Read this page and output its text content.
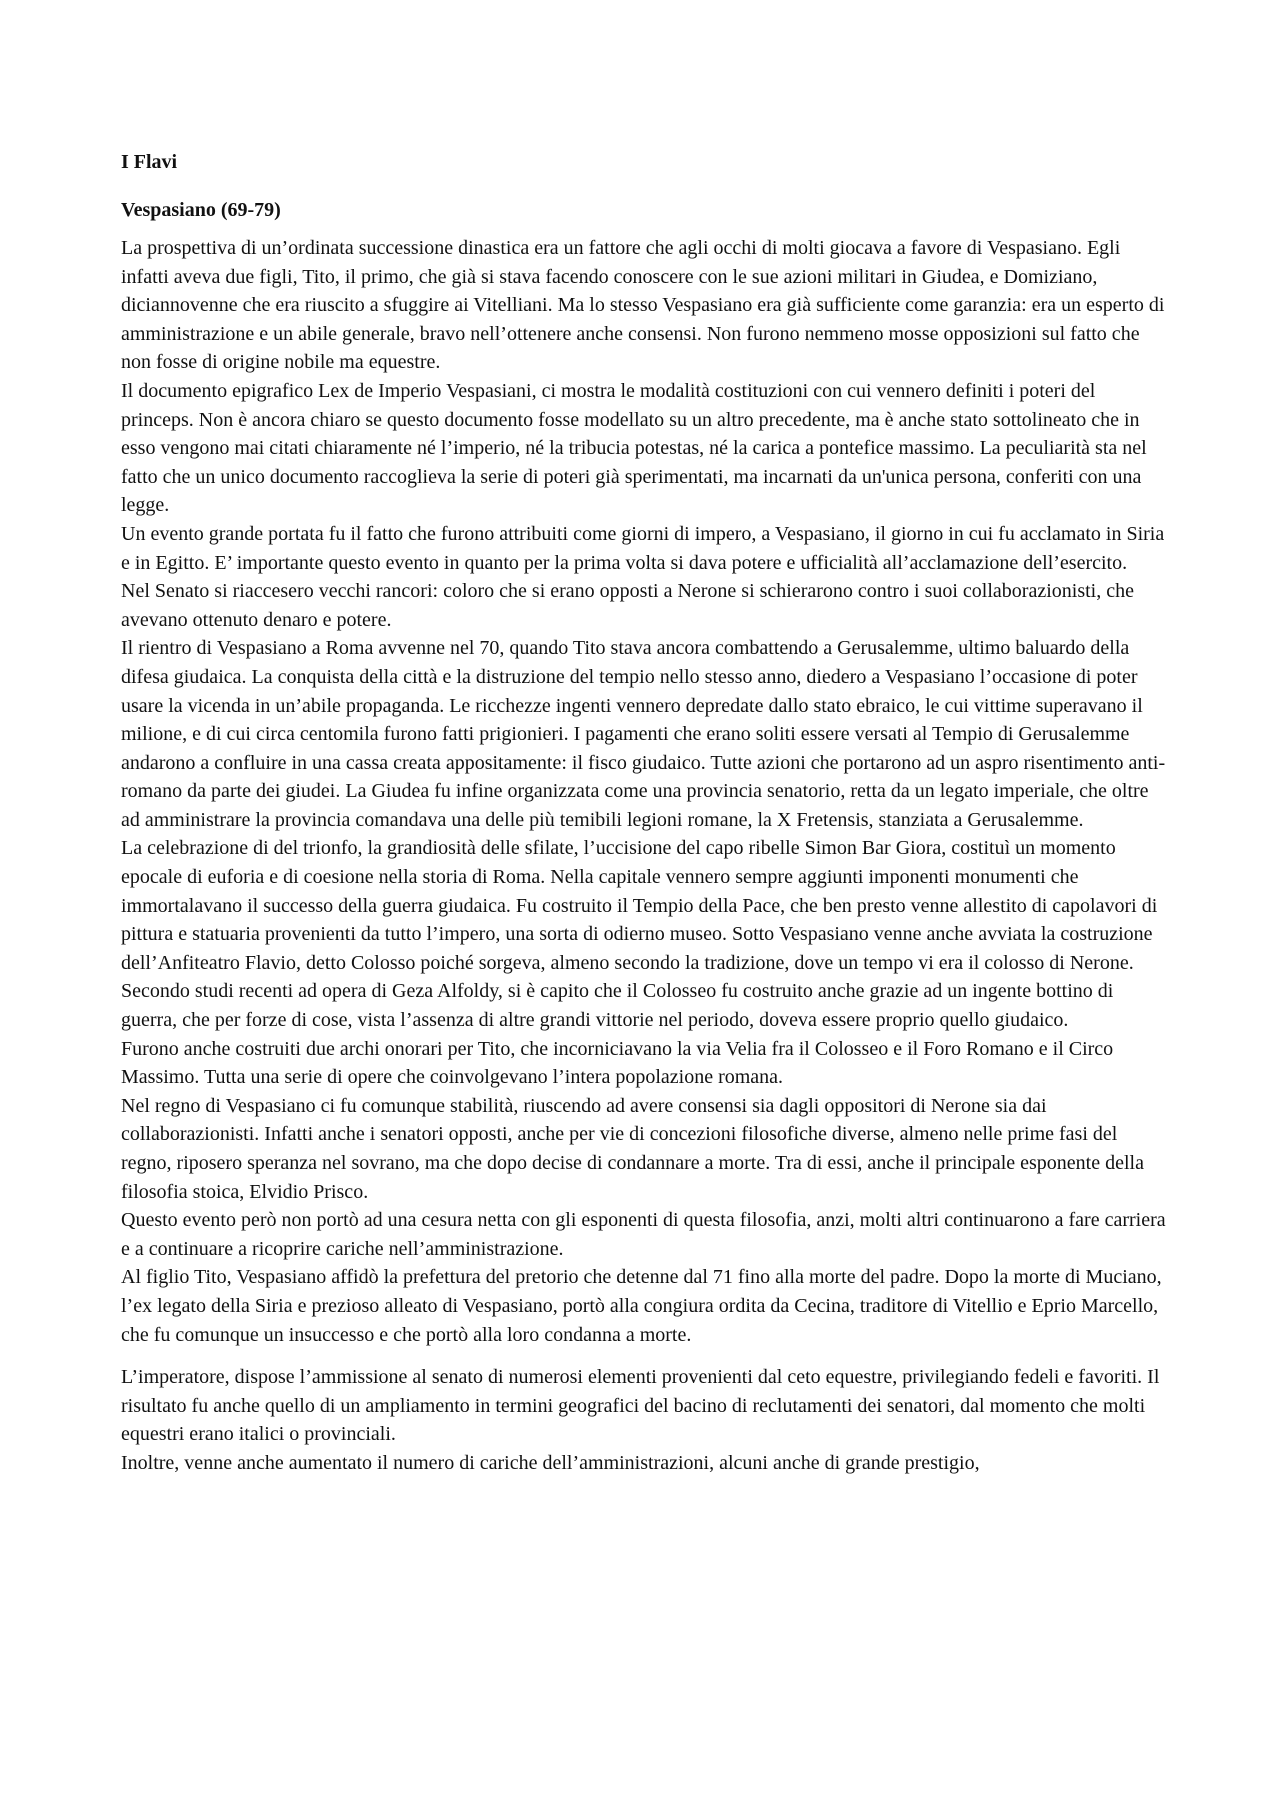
I Flavi

Vespasiano (69-79)

La prospettiva di un’ordinata successione dinastica era un fattore che agli occhi di molti giocava a favore di Vespasiano. Egli infatti aveva due figli, Tito, il primo, che già si stava facendo conoscere con le sue azioni militari in Giudea, e Domiziano, diciannovenne che era riuscito a sfuggire ai Vitelliani. Ma lo stesso Vespasiano era già sufficiente come garanzia: era un esperto di amministrazione e un abile generale, bravo nell’ottenere anche consensi. Non furono nemmeno mosse opposizioni sul fatto che non fosse di origine nobile ma equestre.

Il documento epigrafico Lex de Imperio Vespasiani, ci mostra le modalità costituzioni con cui vennero definiti i poteri del princeps. Non è ancora chiaro se questo documento fosse modellato su un altro precedente, ma è anche stato sottolineato che in esso vengono mai citati chiaramente né l’imperio, né la tribucia potestas, né la carica a pontefice massimo. La peculiarità sta nel fatto che un unico documento raccoglieva la serie di poteri già sperimentati, ma incarnati da un'unica persona, conferiti con una legge.

Un evento grande portata fu il fatto che furono attribuiti come giorni di impero, a Vespasiano, il giorno in cui fu acclamato in Siria e in Egitto. E’ importante questo evento in quanto per la prima volta si dava potere e ufficialità all’acclamazione dell’esercito.

Nel Senato si riaccesero vecchi rancori: coloro che si erano opposti a Nerone si schierarono contro i suoi collaborazionisti, che avevano ottenuto denaro e potere.

Il rientro di Vespasiano a Roma avvenne nel 70, quando Tito stava ancora combattendo a Gerusalemme, ultimo baluardo della difesa giudaica. La conquista della città e la distruzione del tempio nello stesso anno, diedero a Vespasiano l’occasione di poter usare la vicenda in un’abile propaganda. Le ricchezze ingenti vennero depredate dallo stato ebraico, le cui vittime superavano il milione, e di cui circa centomila furono fatti prigionieri. I pagamenti che erano soliti essere versati al Tempio di Gerusalemme andarono a confluire in una cassa creata appositamente: il fisco giudaico. Tutte azioni che portarono ad un aspro risentimento anti-romano da parte dei giudei. La Giudea fu infine organizzata come una provincia senatorio, retta da un legato imperiale, che oltre ad amministrare la provincia comandava una delle più temibili legioni romane, la X Fretensis, stanziata a Gerusalemme.

La celebrazione di del trionfo, la grandiosità delle sfilate, l’uccisione del capo ribelle Simon Bar Giora, costituì un momento epocale di euforia e di coesione nella storia di Roma. Nella capitale vennero sempre aggiunti imponenti monumenti che immortalavano il successo della guerra giudaica. Fu costruito il Tempio della Pace, che ben presto venne allestito di capolavori di pittura e statuaria provenienti da tutto l’impero, una sorta di odierno museo. Sotto Vespasiano venne anche avviata la costruzione dell’Anfiteatro Flavio, detto Colosso poiché sorgeva, almeno secondo la tradizione, dove un tempo vi era il colosso di Nerone. Secondo studi recenti ad opera di Geza Alfoldy, si è capito che il Colosseo fu costruito anche grazie ad un ingente bottino di guerra, che per forze di cose, vista l’assenza di altre grandi vittorie nel periodo, doveva essere proprio quello giudaico.

Furono anche costruiti due archi onorari per Tito, che incorniciavano la via Velia fra il Colosseo e il Foro Romano e il Circo Massimo. Tutta una serie di opere che coinvolgevano l’intera popolazione romana.

Nel regno di Vespasiano ci fu comunque stabilità, riuscendo ad avere consensi sia dagli oppositori di Nerone sia dai collaborazionisti. Infatti anche i senatori opposti, anche per vie di concezioni filosofiche diverse, almeno nelle prime fasi del regno, riposero speranza nel sovrano, ma che dopo decise di condannare a morte. Tra di essi, anche il principale esponente della filosofia stoica, Elvidio Prisco.

Questo evento però non portò ad una cesura netta con gli esponenti di questa filosofia, anzi, molti altri continuarono a fare carriera e a continuare a ricoprire cariche nell’amministrazione.

Al figlio Tito, Vespasiano affidò la prefettura del pretorio che detenne dal 71 fino alla morte del padre. Dopo la morte di Muciano, l’ex legato della Siria e prezioso alleato di Vespasiano, portò alla congiura ordita da Cecina, traditore di Vitellio e Eprio Marcello, che fu comunque un insuccesso e che portò alla loro condanna a morte.

L’imperatore, dispose l’ammissione al senato di numerosi elementi provenienti dal ceto equestre, privilegiando fedeli e favoriti. Il risultato fu anche quello di un ampliamento in termini geografici del bacino di reclutamenti dei senatori, dal momento che molti equestri erano italici o provinciali.

Inoltre, venne anche aumentato il numero di cariche dell’amministrazioni, alcuni anche di grande prestigio,
